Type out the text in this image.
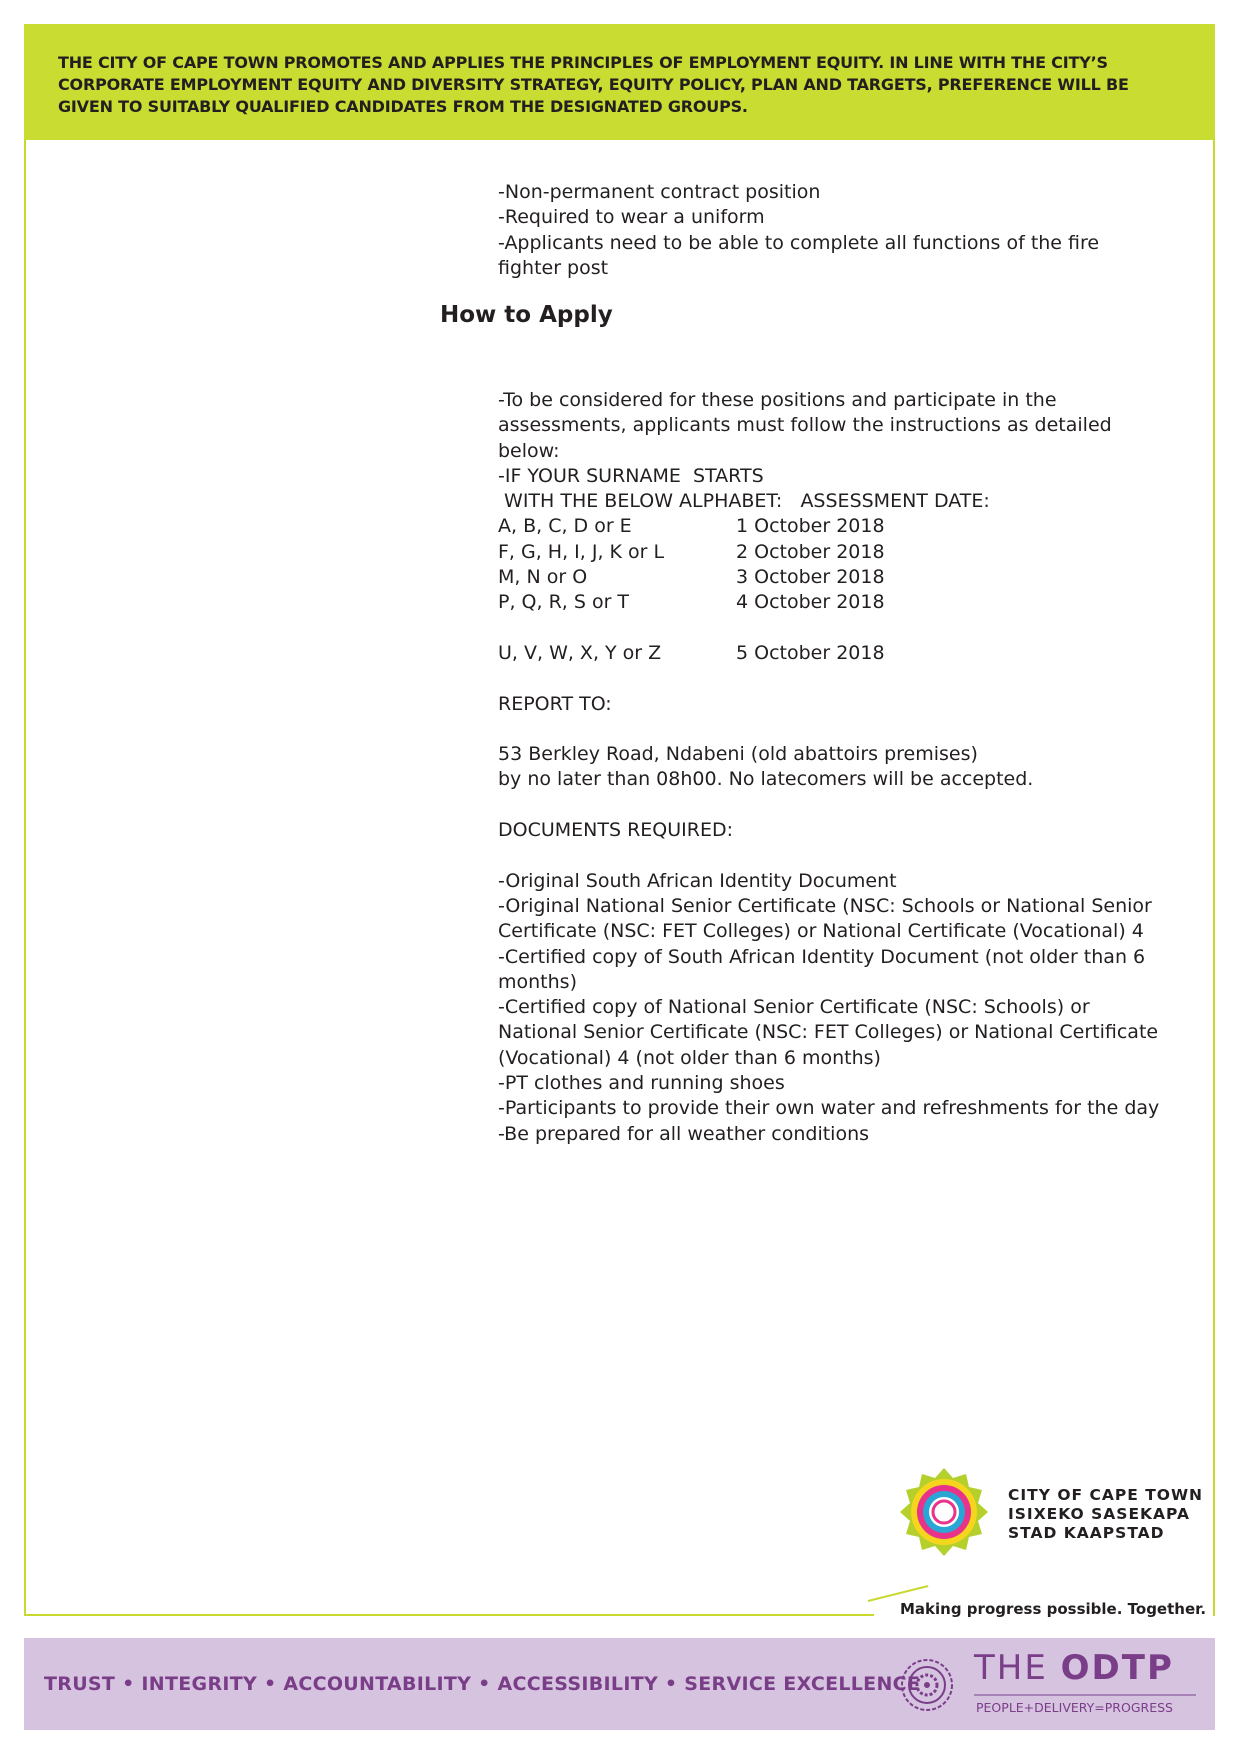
THE CITY OF CAPE TOWN PROMOTES AND APPLIES THE PRINCIPLES OF EMPLOYMENT EQUITY. IN LINE WITH THE CITY’S

CORPORATE EMPLOYMENT EQUITY AND DIVERSITY STRATEGY, EQUITY POLICY, PLAN AND TARGETS, PREFERENCE WILL BE

GIVEN TO SUITABLY QUALIFIED CANDIDATES FROM THE DESIGNATED GROUPS.

-Non-permanent contract position

-Required to wear a uniform

-Applicants need to be able to complete all functions of the fire

fighter post

How to Apply

-To be considered for these positions and participate in the

assessments, applicants must follow the instructions as detailed

below:

-IF YOUR SURNAME  STARTS

WITH THE BELOW ALPHABET:   ASSESSMENT DATE:

A, B, C, D or E	1 October 2018
F, G, H, I, J, K or L	2 October 2018
M, N or O	3 October 2018
P, Q, R, S or T	4 October 2018
U, V, W, X, Y or Z	5 October 2018

REPORT TO:

53 Berkley Road, Ndabeni (old abattoirs premises)

by no later than 08h00. No latecomers will be accepted.

DOCUMENTS REQUIRED:

-Original South African Identity Document

-Original National Senior Certificate (NSC: Schools or National Senior

Certificate (NSC: FET Colleges) or National Certificate (Vocational) 4

-Certified copy of South African Identity Document (not older than 6

months)

-Certified copy of National Senior Certificate (NSC: Schools) or

National Senior Certificate (NSC: FET Colleges) or National Certificate

(Vocational) 4 (not older than 6 months)

-PT clothes and running shoes

-Participants to provide their own water and refreshments for the day

-Be prepared for all weather conditions

CITY OF CAPE TOWN
ISIXEKO SASEKAPA
STAD KAAPSTAD

Making progress possible. Together.

TRUST • INTEGRITY • ACCOUNTABILITY • ACCESSIBILITY • SERVICE EXCELLENCE THE ODTP

PEOPLE+DELIVERY=PROGRESS
